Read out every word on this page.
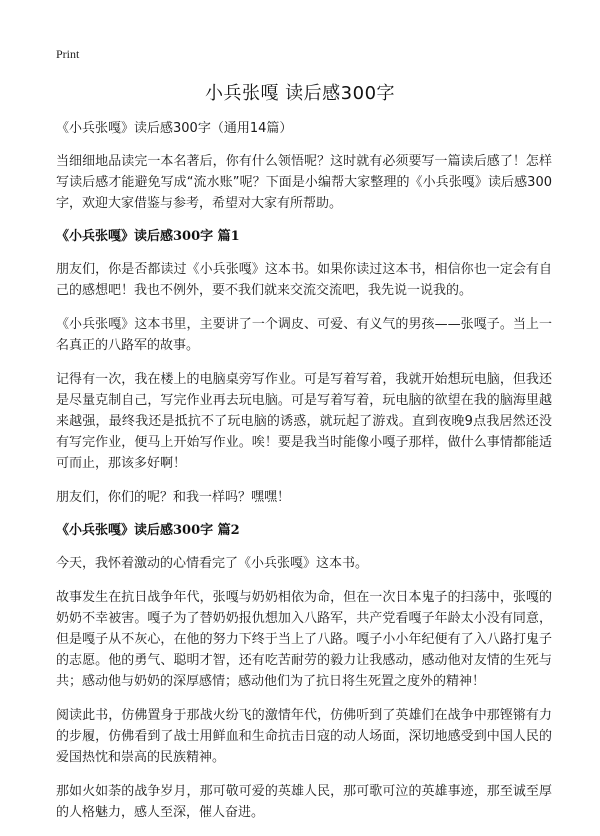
Print
小兵张嘎 读后感300字

《小兵张嘎》读后感300字（通用14篇）

当细细地品读完一本名著后，你有什么领悟呢？这时就有必须要写一篇读后感了！怎样写读后感才能避免写成“流水账”呢？下面是小编帮大家整理的《小兵张嘎》读后感300字，欢迎大家借鉴与参考，希望对大家有所帮助。

《小兵张嘎》读后感300字 篇1

朋友们，你是否都读过《小兵张嘎》这本书。如果你读过这本书，相信你也一定会有自己的感想吧！我也不例外，要不我们就来交流交流吧，我先说一说我的。

《小兵张嘎》这本书里，主要讲了一个调皮、可爱、有义气的男孩——张嘎子。当上一名真正的八路军的故事。

记得有一次，我在楼上的电脑桌旁写作业。可是写着写着，我就开始想玩电脑，但我还是尽量克制自己，写完作业再去玩电脑。可是写着写着，玩电脑的欲望在我的脑海里越来越强，最终我还是抵抗不了玩电脑的诱惑，就玩起了游戏。直到夜晚9点我居然还没有写完作业，便马上开始写作业。唉！要是我当时能像小嘎子那样，做什么事情都能适可而止，那该多好啊！

朋友们，你们的呢？和我一样吗？嘿嘿！

《小兵张嘎》读后感300字 篇2

今天，我怀着激动的心情看完了《小兵张嘎》这本书。

故事发生在抗日战争年代，张嘎与奶奶相依为命，但在一次日本鬼子的扫荡中，张嘎的奶奶不幸被害。嘎子为了替奶奶报仇想加入八路军，共产党看嘎子年龄太小没有同意，但是嘎子从不灰心，在他的努力下终于当上了八路。嘎子小小年纪便有了入八路打鬼子的志愿。他的勇气、聪明才智，还有吃苦耐劳的毅力让我感动，感动他对友情的生死与共；感动他与奶奶的深厚感情；感动他们为了抗日将生死置之度外的精神！

阅读此书，仿佛置身于那战火纷飞的激情年代，仿佛听到了英雄们在战争中那铿锵有力的步履，仿佛看到了战士用鲜血和生命抗击日寇的动人场面，深切地感受到中国人民的爱国热忱和崇高的民族精神。

那如火如荼的战争岁月，那可敬可爱的英雄人民，那可歌可泣的英雄事迹，那至诚至厚的人格魅力，感人至深，催人奋进。
